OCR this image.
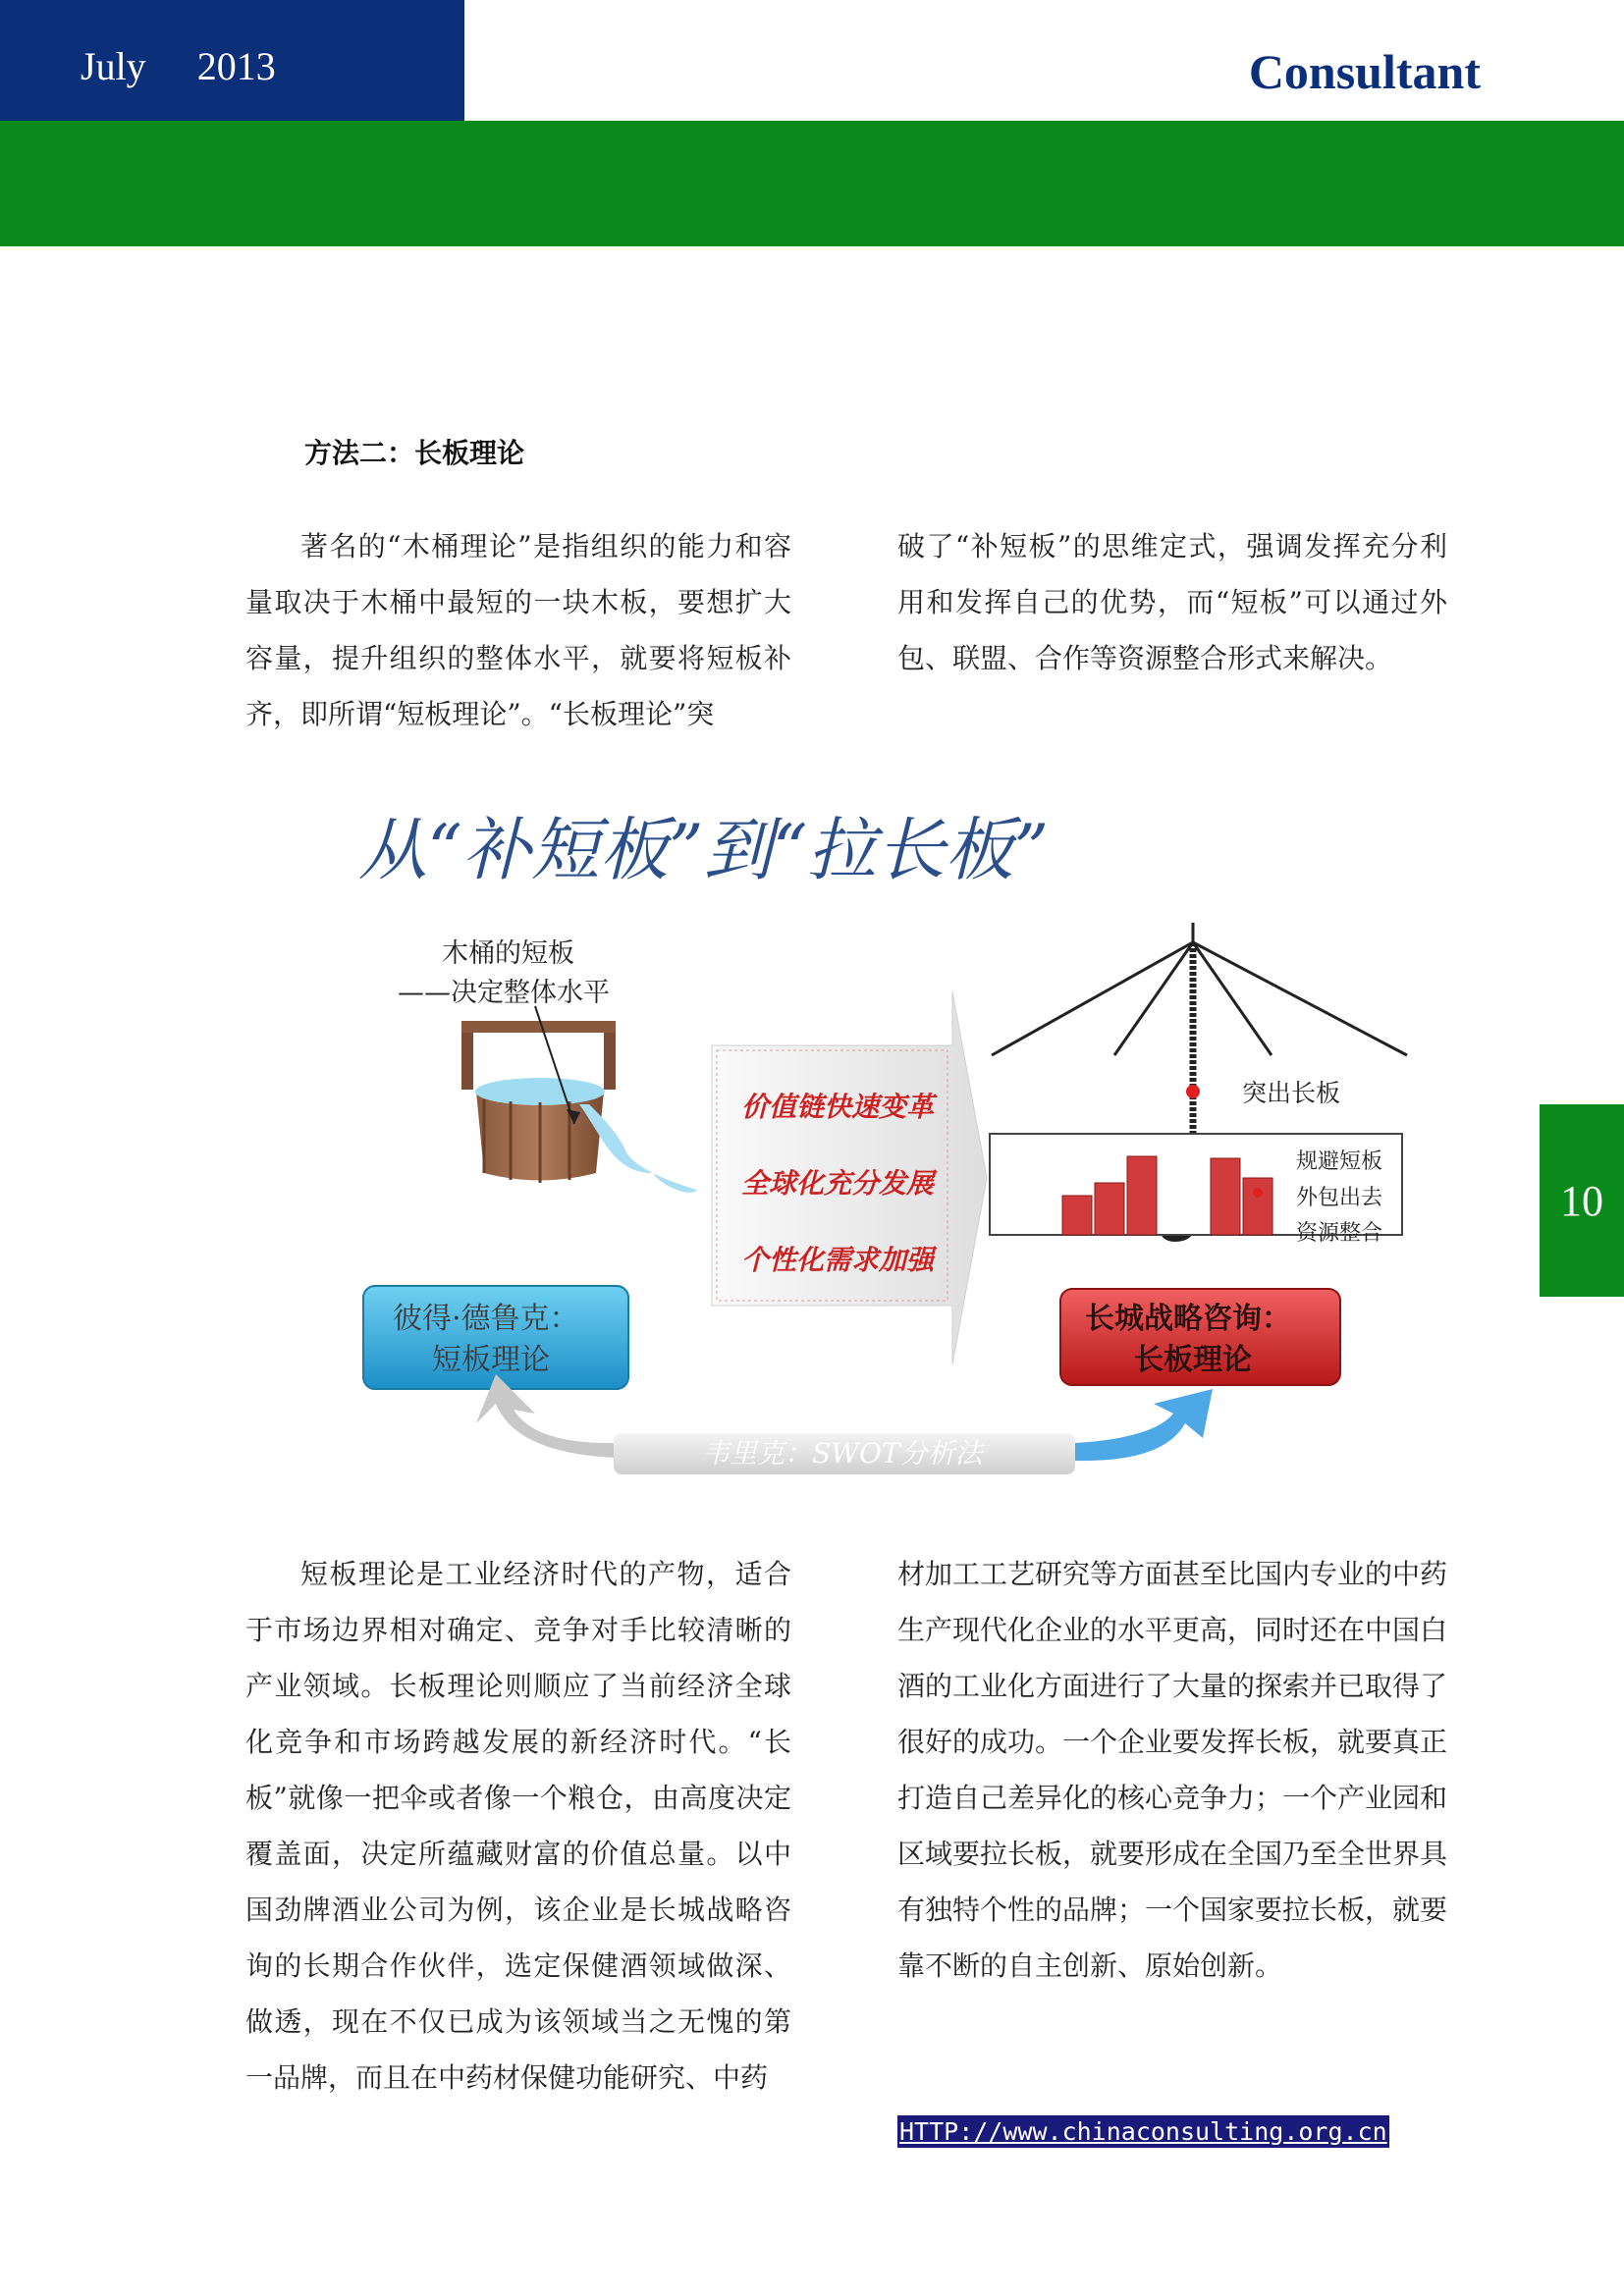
July 2013	Consultant
10
方法二：长板理论

著名的“木桶理论”是指组织的能力和容量取决于木桶中最短的一块木板，要想扩大容量，提升组织的整体水平，就要将短板补齐，即所谓“短板理论”。“长板理论”突

破了“补短板”的思维定式，强调发挥充分利用和发挥自己的优势，而“短板”可以通过外包、联盟、合作等资源整合形式来解决。

从“补短板”到“拉长板”
木桶的短板
——决定整体水平
价值链快速变革
全球化充分发展
个性化需求加强
突出长板
规避短板
外包出去
资源整合
彼得·德鲁克：
短板理论
长城战略咨询：
长板理论
韦里克：SWOT分析法

短板理论是工业经济时代的产物，适合于市场边界相对确定、竞争对手比较清晰的产业领域。长板理论则顺应了当前经济全球化竞争和市场跨越发展的新经济时代。“长板”就像一把伞或者像一个粮仓，由高度决定覆盖面，决定所蕴藏财富的价值总量。以中国劲牌酒业公司为例，该企业是长城战略咨询的长期合作伙伴，选定保健酒领域做深、做透，现在不仅已成为该领域当之无愧的第一品牌，而且在中药材保健功能研究、中药

材加工工艺研究等方面甚至比国内专业的中药生产现代化企业的水平更高，同时还在中国白酒的工业化方面进行了大量的探索并已取得了很好的成功。一个企业要发挥长板，就要真正打造自己差异化的核心竞争力；一个产业园和区域要拉长板，就要形成在全国乃至全世界具有独特个性的品牌；一个国家要拉长板，就要靠不断的自主创新、原始创新。

HTTP://www.chinaconsulting.org.cn
